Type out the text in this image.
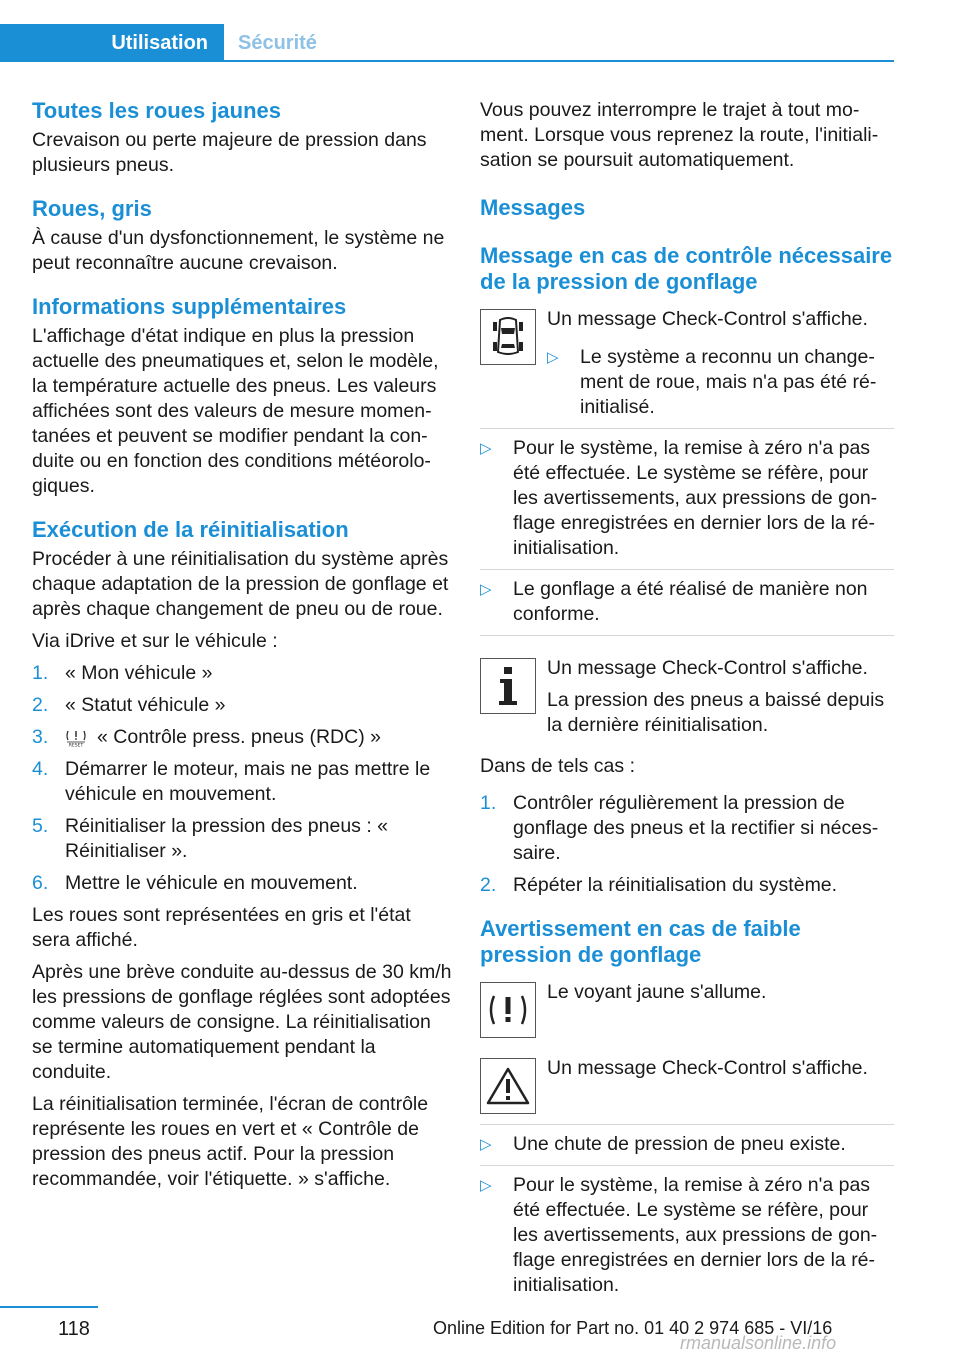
Utilisation	Sécurité
Toutes les roues jaunes

Crevaison ou perte majeure de pression dans plusieurs pneus.

Roues, gris

À cause d'un dysfonctionnement, le système ne peut reconnaître aucune crevaison.

Informations supplémentaires

L'affichage d'état indique en plus la pression actuelle des pneumatiques et, selon le modèle, la température actuelle des pneus. Les valeurs affichées sont des valeurs de mesure momen‐ tanées et peuvent se modifier pendant la con‐ duite ou en fonction des conditions météorolo‐ giques.

Exécution de la réinitialisation

Procéder à une réinitialisation du système après chaque adaptation de la pression de gonflage et après chaque changement de pneu ou de roue.

Via iDrive et sur le véhicule :

1. « Mon véhicule »
2. « Statut véhicule »
3.	RESET « Contrôle press. pneus (RDC) »
4. Démarrer le moteur, mais ne pas mettre le véhicule en mouvement.
5. Réinitialiser la pression des pneus : « Réinitialiser ».
6. Mettre le véhicule en mouvement.

Les roues sont représentées en gris et l'état sera affiché.

Après une brève conduite au-dessus de 30 km/h les pressions de gonflage réglées sont adoptées comme valeurs de consigne. La réinitialisation se termine automatiquement pendant la conduite.

La réinitialisation terminée, l'écran de contrôle représente les roues en vert et « Contrôle de pression des pneus actif. Pour la pression recommandée, voir l'étiquette. » s'affiche.

Vous pouvez interrompre le trajet à tout mo‐ ment. Lorsque vous reprenez la route, l'initiali‐ sation se poursuit automatiquement.

Messages
Message en cas de contrôle nécessaire de la pression de gonflage

Un message Check-Control s'affiche.

▷	Le système a reconnu un change‐ ment de roue, mais n'a pas été ré‐ initialisé.
▷	Pour le système, la remise à zéro n'a pas été effectuée. Le système se réfère, pour les avertissements, aux pressions de gon‐ flage enregistrées en dernier lors de la ré‐ initialisation.
▷	Le gonflage a été réalisé de manière non conforme.

Un message Check-Control s'affiche.

La pression des pneus a baissé depuis la dernière réinitialisation.

Dans de tels cas :

1. Contrôler régulièrement la pression de gonflage des pneus et la rectifier si néces‐ saire.
2. Répéter la réinitialisation du système.
Avertissement en cas de faible pression de gonflage

Le voyant jaune s'allume.

Un message Check-Control s'affiche.

▷	Une chute de pression de pneu existe.
▷	Pour le système, la remise à zéro n'a pas été effectuée. Le système se réfère, pour les avertissements, aux pressions de gon‐ flage enregistrées en dernier lors de la ré‐ initialisation.
118	Online Edition for Part no. 01 40 2 974 685 - VI/16
rmanualsonline.info
